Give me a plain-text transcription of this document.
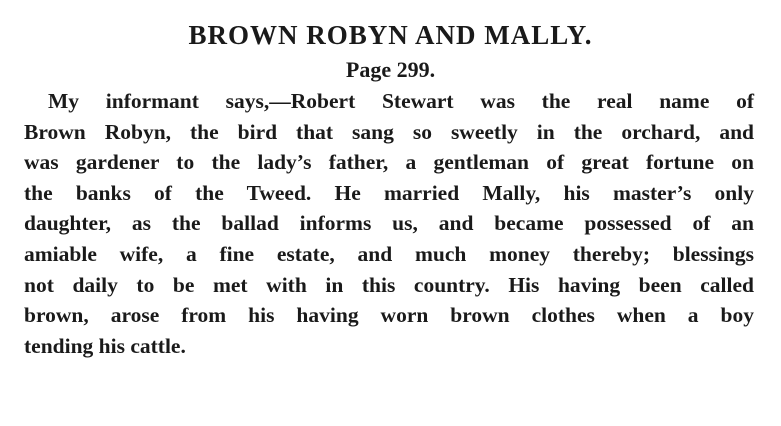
BROWN ROBYN AND MALLY.
Page 299.
My informant says,—Robert Stewart was the real name of
Brown Robyn, the bird that sang so sweetly in the orchard, and
was gardener to the lady’s father, a gentleman of great fortune on
the banks of the Tweed. He married Mally, his master’s only
daughter, as the ballad informs us, and became possessed of an
amiable wife, a fine estate, and much money thereby; blessings
not daily to be met with in this country. His having been called
brown, arose from his having worn brown clothes when a boy
tending his cattle.
